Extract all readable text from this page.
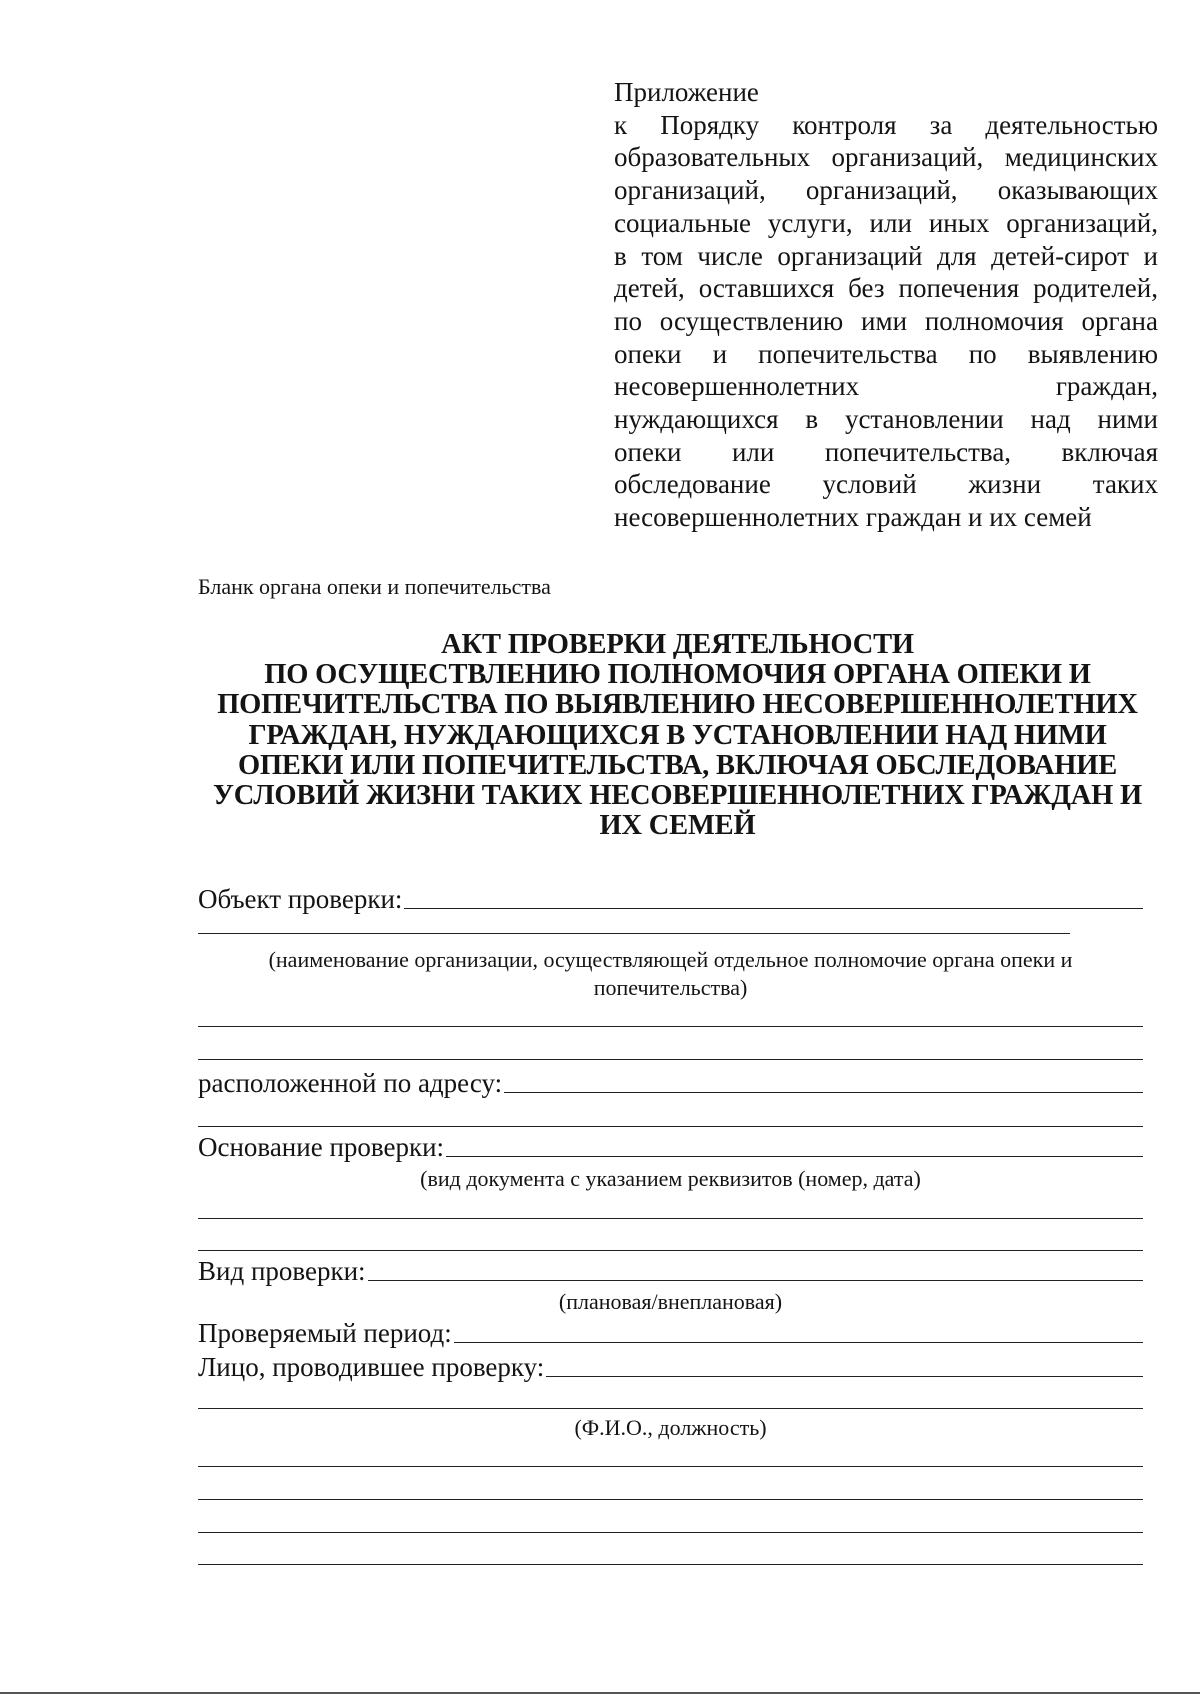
Приложение
к Порядку контроля за деятельностью
образовательных организаций, медицинских
организаций, организаций, оказывающих
социальные услуги, или иных организаций,
в том числе организаций для детей-сирот и
детей, оставшихся без попечения родителей,
по осуществлению ими полномочия органа
опеки и попечительства по выявлению
несовершеннолетних граждан,
нуждающихся в установлении над ними
опеки или попечительства, включая
обследование условий жизни таких
несовершеннолетних граждан и их семей
Бланк органа опеки и попечительства
АКТ ПРОВЕРКИ ДЕЯТЕЛЬНОСТИ
ПО ОСУЩЕСТВЛЕНИЮ ПОЛНОМОЧИЯ ОРГАНА ОПЕКИ И
ПОПЕЧИТЕЛЬСТВА ПО ВЫЯВЛЕНИЮ НЕСОВЕРШЕННОЛЕТНИХ
ГРАЖДАН, НУЖДАЮЩИХСЯ В УСТАНОВЛЕНИИ НАД НИМИ
ОПЕКИ ИЛИ ПОПЕЧИТЕЛЬСТВА, ВКЛЮЧАЯ ОБСЛЕДОВАНИЕ
УСЛОВИЙ ЖИЗНИ ТАКИХ НЕСОВЕРШЕННОЛЕТНИХ ГРАЖДАН И
ИХ СЕМЕЙ
Объект проверки:
(наименование организации, осуществляющей отдельное полномочие органа опеки и
попечительства)
расположенной по адресу:
Основание проверки:
(вид документа с указанием реквизитов (номер, дата)
Вид проверки:
(плановая/внеплановая)
Проверяемый период:
Лицо, проводившее проверку:
(Ф.И.О., должность)
